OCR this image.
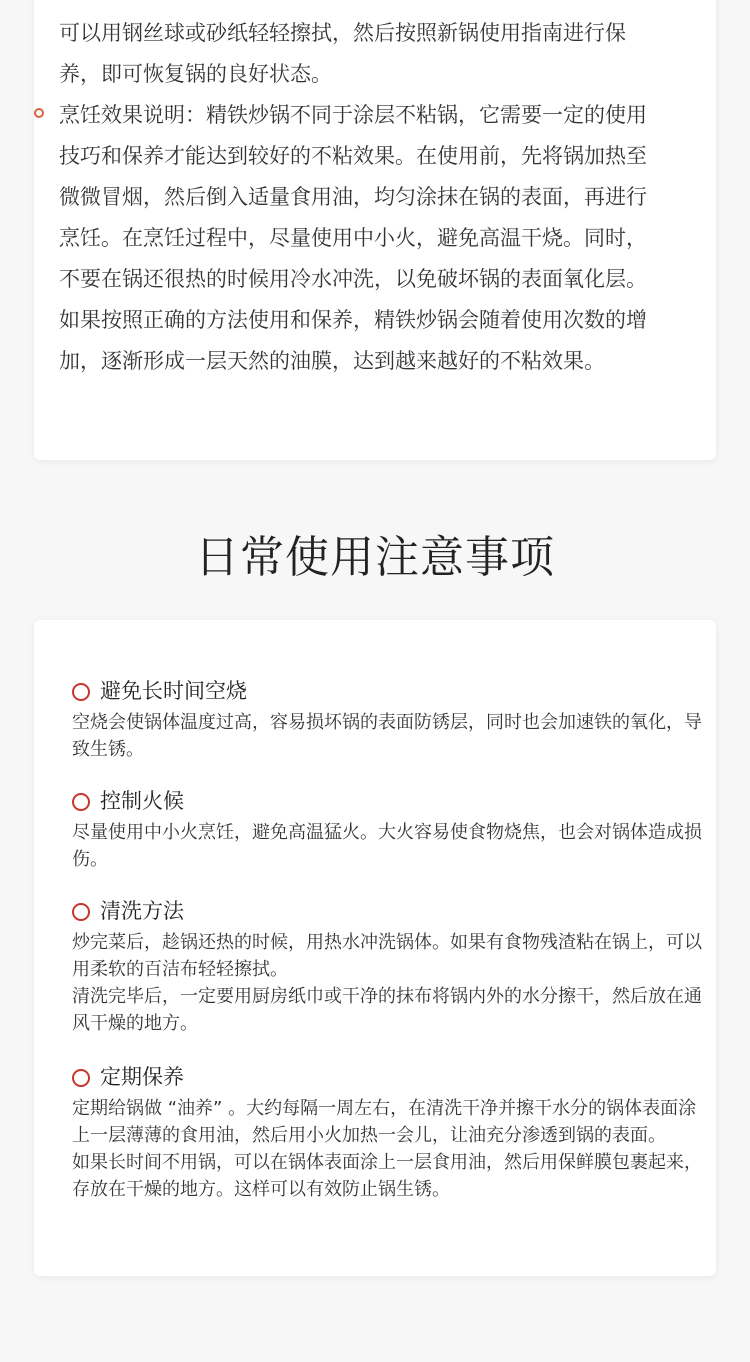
可以用钢丝球或砂纸轻轻擦拭，然后按照新锅使用指南进行保养，即可恢复锅的良好状态。
烹饪效果说明：精铁炒锅不同于涂层不粘锅，它需要一定的使用技巧和保养才能达到较好的不粘效果。在使用前，先将锅加热至微微冒烟，然后倒入适量食用油，均匀涂抹在锅的表面，再进行烹饪。在烹饪过程中，尽量使用中小火，避免高温干烧。同时，不要在锅还很热的时候用冷水冲洗，以免破坏锅的表面氧化层。如果按照正确的方法使用和保养，精铁炒锅会随着使用次数的增加，逐渐形成一层天然的油膜，达到越来越好的不粘效果。
日常使用注意事项
避免长时间空烧

空烧会使锅体温度过高，容易损坏锅的表面防锈层，同时也会加速铁的氧化，导致生锈。

控制火候

尽量使用中小火烹饪，避免高温猛火。大火容易使食物烧焦，也会对锅体造成损伤。

清洗方法

炒完菜后，趁锅还热的时候，用热水冲洗锅体。如果有食物残渣粘在锅上，可以用柔软的百洁布轻轻擦拭。

清洗完毕后，一定要用厨房纸巾或干净的抹布将锅内外的水分擦干，然后放在通风干燥的地方。

定期保养

定期给锅做 “油养” 。大约每隔一周左右，在清洗干净并擦干水分的锅体表面涂上一层薄薄的食用油，然后用小火加热一会儿，让油充分渗透到锅的表面。

如果长时间不用锅，可以在锅体表面涂上一层食用油，然后用保鲜膜包裹起来，存放在干燥的地方。这样可以有效防止锅生锈。
